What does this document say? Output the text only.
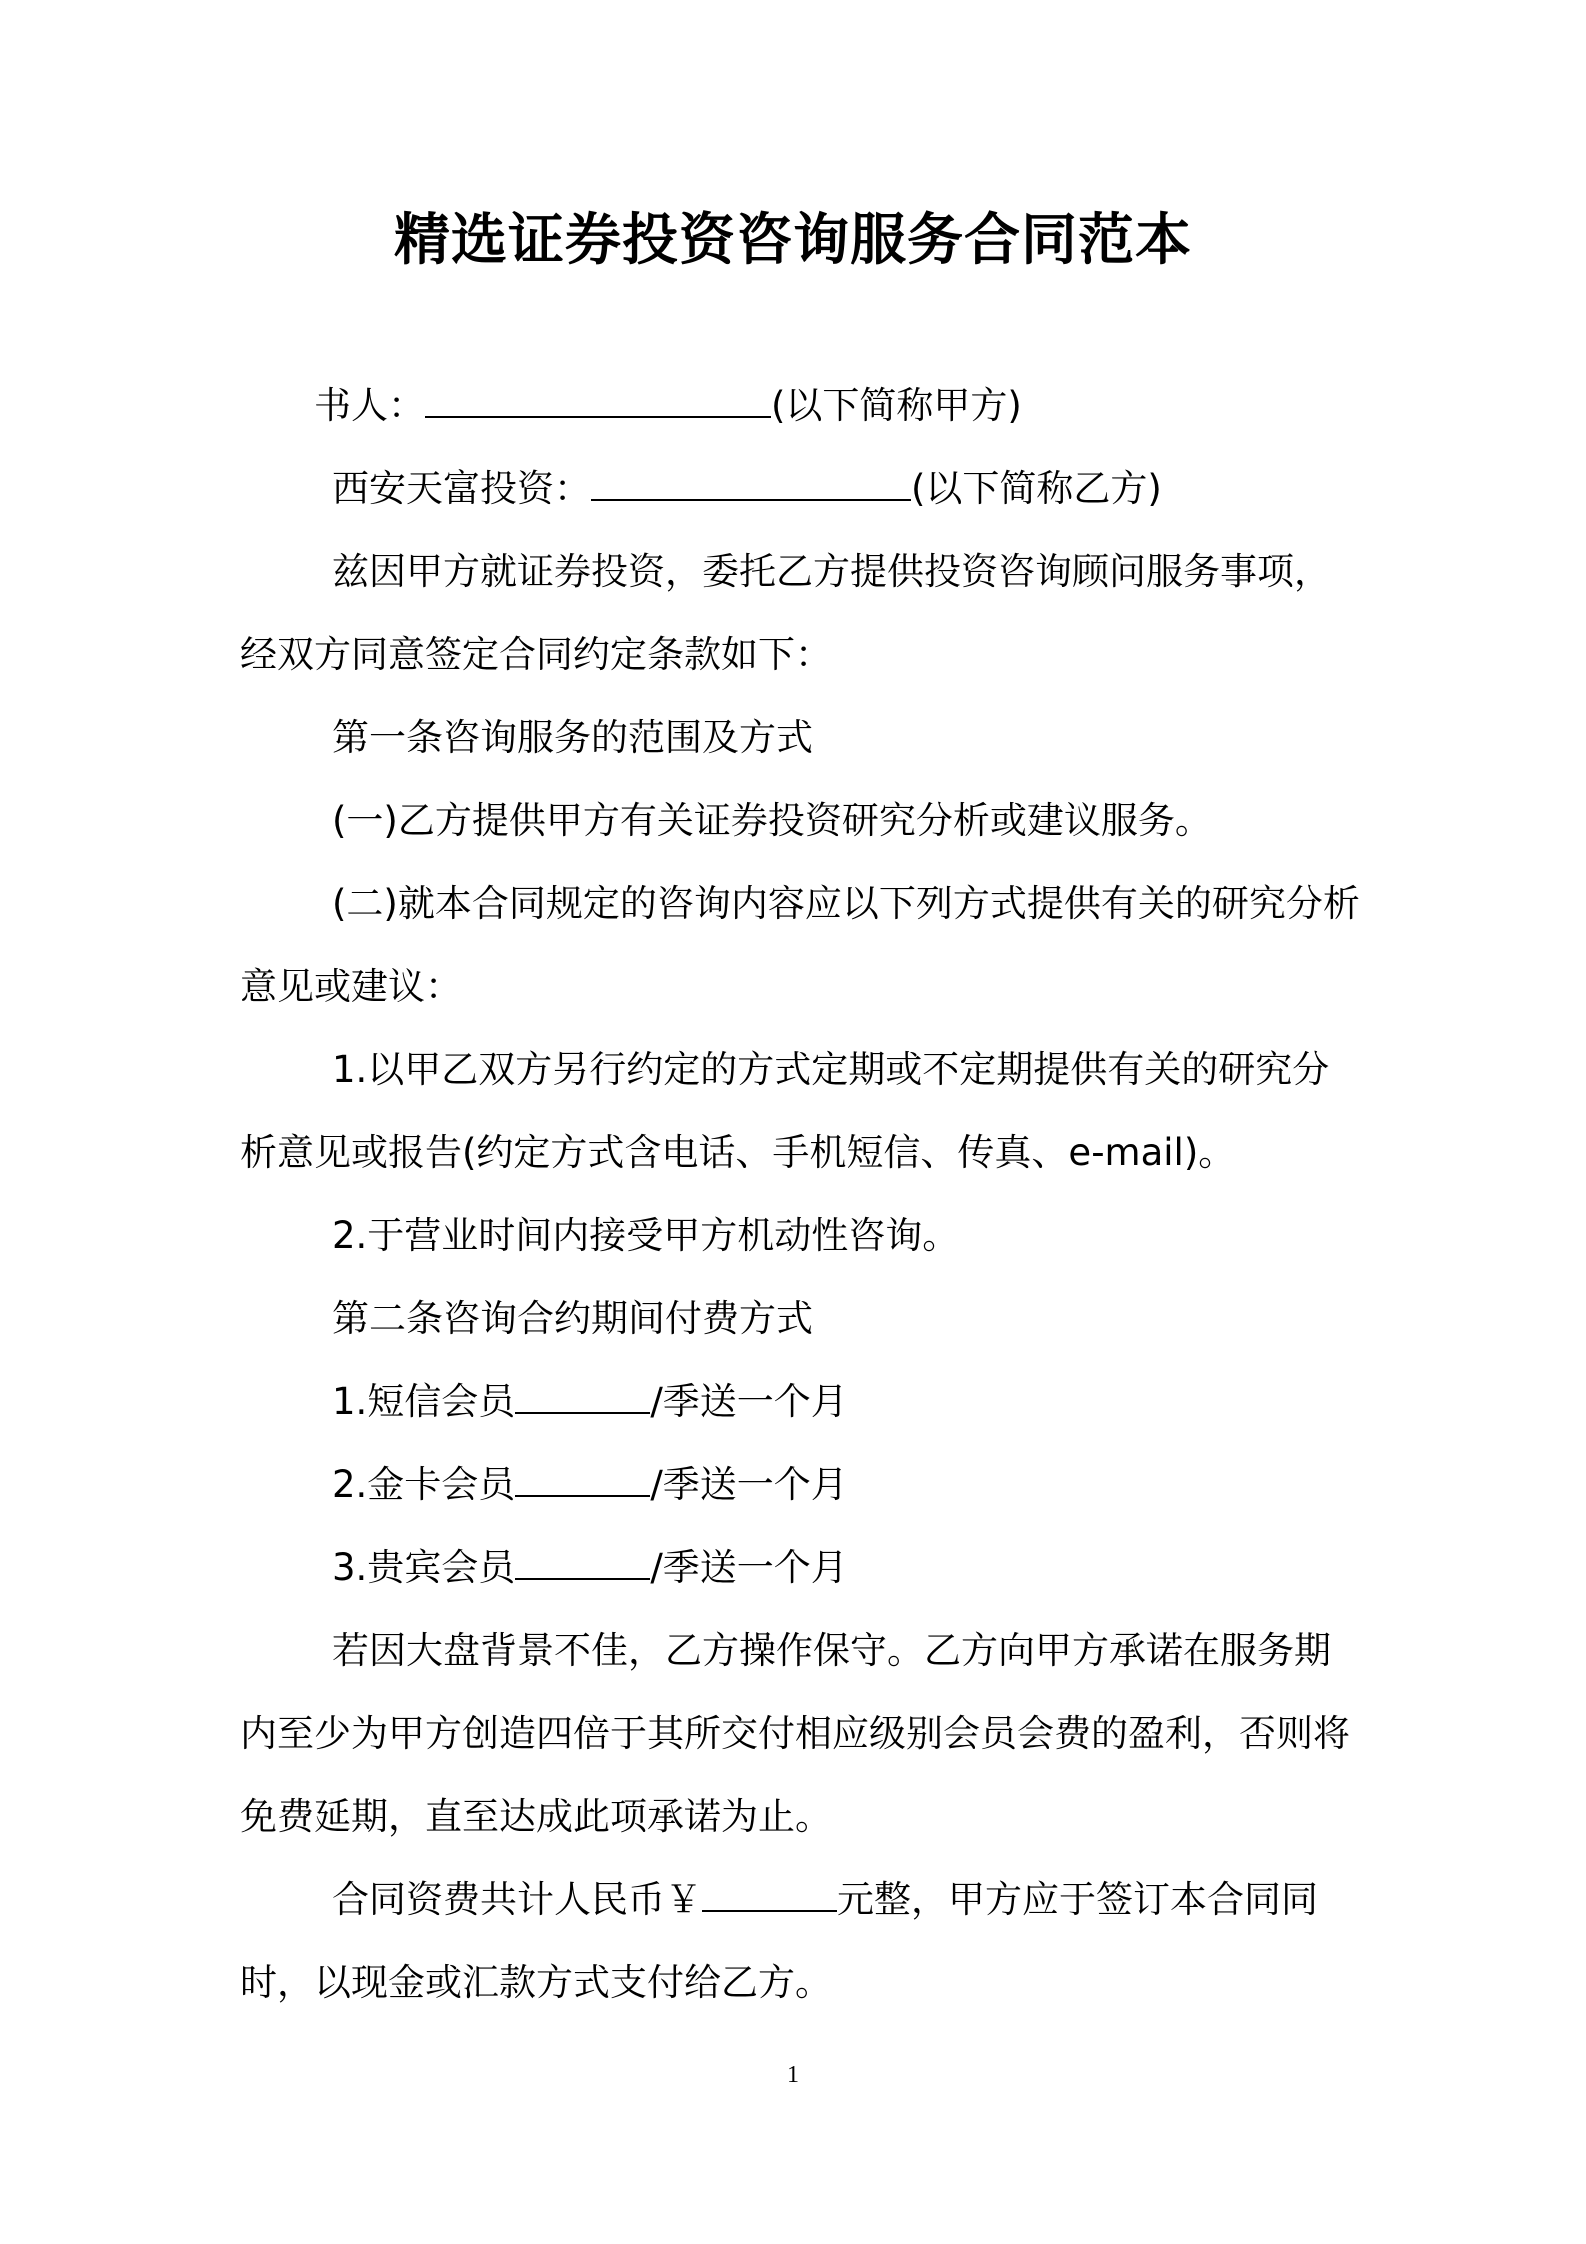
精选证券投资咨询服务合同范本

书人：	(以下简称甲方)

西安天富投资：	(以下简称乙方)

兹因甲方就证券投资，委托乙方提供投资咨询顾问服务事项，经双方同意签定合同约定条款如下：

第一条咨询服务的范围及方式

(一)乙方提供甲方有关证券投资研究分析或建议服务。

(二)就本合同规定的咨询内容应以下列方式提供有关的研究分析意见或建议：

1.以甲乙双方另行约定的方式定期或不定期提供有关的研究分析意见或报告(约定方式含电话、手机短信、传真、e-mail)。

2.于营业时间内接受甲方机动性咨询。

第二条咨询合约期间付费方式

1.短信会员	/季送一个月

2.金卡会员	/季送一个月

3.贵宾会员	/季送一个月

若因大盘背景不佳，乙方操作保守。乙方向甲方承诺在服务期内至少为甲方创造四倍于其所交付相应级别会员会费的盈利，否则将免费延期，直至达成此项承诺为止。

合同资费共计人民币￥	元整，甲方应于签订本合同同时，以现金或汇款方式支付给乙方。

1
